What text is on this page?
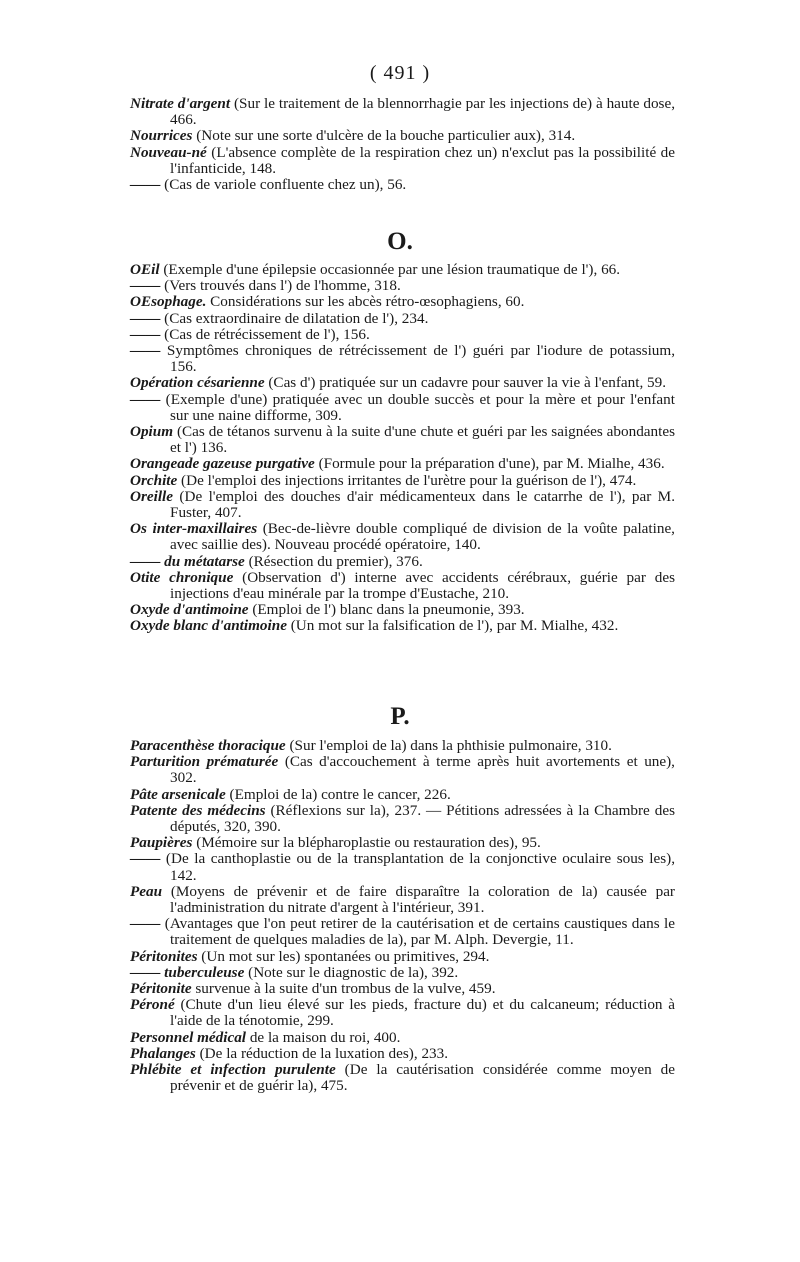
( 491 )
Nitrate d'argent (Sur le traitement de la blennorrhagie par les injections de) à haute dose, 466.
Nourrices (Note sur une sorte d'ulcère de la bouche particulier aux), 314.
Nouveau-né (L'absence complète de la respiration chez un) n'exclut pas la possibilité de l'infanticide, 148.
—— (Cas de variole confluente chez un), 56.
O.
OEil (Exemple d'une épilepsie occasionnée par une lésion traumatique de l'), 66.
—— (Vers trouvés dans l') de l'homme, 318.
OEsophage. Considérations sur les abcès rétro-œsophagiens, 60.
—— (Cas extraordinaire de dilatation de l'), 234.
—— (Cas de rétrécissement de l'), 156.
—— Symptômes chroniques de rétrécissement de l') guéri par l'iodure de potassium, 156.
Opération césarienne (Cas d') pratiquée sur un cadavre pour sauver la vie à l'enfant, 59.
—— (Exemple d'une) pratiquée avec un double succès et pour la mère et pour l'enfant sur une naine difforme, 309.
Opium (Cas de tétanos survenu à la suite d'une chute et guéri par les saignées abondantes et l') 136.
Orangeade gazeuse purgative (Formule pour la préparation d'une), par M. Mialhe, 436.
Orchite (De l'emploi des injections irritantes de l'urètre pour la guérison de l'), 474.
Oreille (De l'emploi des douches d'air médicamenteux dans le catarrhe de l'), par M. Fuster, 407.
Os inter-maxillaires (Bec-de-lièvre double compliqué de division de la voûte palatine, avec saillie des). Nouveau procédé opératoire, 140.
—— du métatarse (Résection du premier), 376.
Otite chronique (Observation d') interne avec accidents cérébraux, guérie par des injections d'eau minérale par la trompe d'Eustache, 210.
Oxyde d'antimoine (Emploi de l') blanc dans la pneumonie, 393.
Oxyde blanc d'antimoine (Un mot sur la falsification de l'), par M. Mialhe, 432.
P.
Paracenthèse thoracique (Sur l'emploi de la) dans la phthisie pulmonaire, 310.
Parturition prématurée (Cas d'accouchement à terme après huit avortements et une), 302.
Pâte arsenicale (Emploi de la) contre le cancer, 226.
Patente des médecins (Réflexions sur la), 237. — Pétitions adressées à la Chambre des députés, 320, 390.
Paupières (Mémoire sur la blépharoplastie ou restauration des), 95.
—— (De la canthoplastie ou de la transplantation de la conjonctive oculaire sous les), 142.
Peau (Moyens de prévenir et de faire disparaître la coloration de la) causée par l'administration du nitrate d'argent à l'intérieur, 391.
—— (Avantages que l'on peut retirer de la cautérisation et de certains caustiques dans le traitement de quelques maladies de la), par M. Alph. Devergie, 11.
Péritonites (Un mot sur les) spontanées ou primitives, 294.
—— tuberculeuse (Note sur le diagnostic de la), 392.
Péritonite survenue à la suite d'un trombus de la vulve, 459.
Péroné (Chute d'un lieu élevé sur les pieds, fracture du) et du calcaneum; réduction à l'aide de la ténotomie, 299.
Personnel médical de la maison du roi, 400.
Phalanges (De la réduction de la luxation des), 233.
Phlébite et infection purulente (De la cautérisation considérée comme moyen de prévenir et de guérir la), 475.
